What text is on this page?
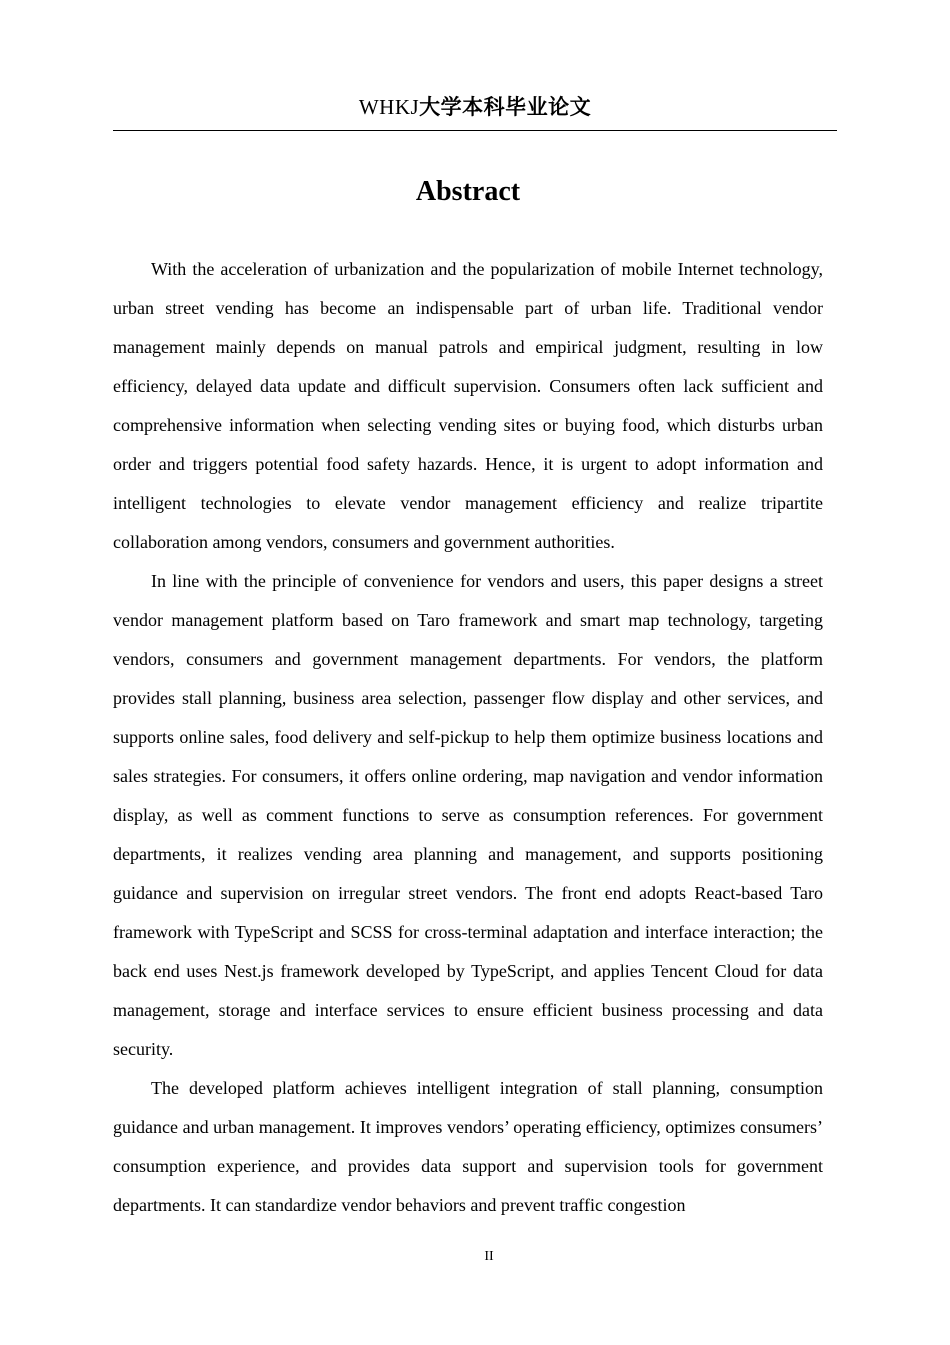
WHKJ大学本科毕业论文
Abstract

With the acceleration of urbanization and the popularization of mobile Internet technology, urban street vending has become an indispensable part of urban life. Traditional vendor management mainly depends on manual patrols and empirical judgment, resulting in low efficiency, delayed data update and difficult supervision. Consumers often lack sufficient and comprehensive information when selecting vending sites or buying food, which disturbs urban order and triggers potential food safety hazards. Hence, it is urgent to adopt information and intelligent technologies to elevate vendor management efficiency and realize tripartite collaboration among vendors, consumers and government authorities.

In line with the principle of convenience for vendors and users, this paper designs a street vendor management platform based on Taro framework and smart map technology, targeting vendors, consumers and government management departments. For vendors, the platform provides stall planning, business area selection, passenger flow display and other services, and supports online sales, food delivery and self-pickup to help them optimize business locations and sales strategies. For consumers, it offers online ordering, map navigation and vendor information display, as well as comment functions to serve as consumption references. For government departments, it realizes vending area planning and management, and supports positioning guidance and supervision on irregular street vendors. The front end adopts React-based Taro framework with TypeScript and SCSS for cross-terminal adaptation and interface interaction; the back end uses Nest.js framework developed by TypeScript, and applies Tencent Cloud for data management, storage and interface services to ensure efficient business processing and data security.

The developed platform achieves intelligent integration of stall planning, consumption guidance and urban management. It improves vendors’ operating efficiency, optimizes consumers’ consumption experience, and provides data support and supervision tools for government departments. It can standardize vendor behaviors and prevent traffic congestion

II
